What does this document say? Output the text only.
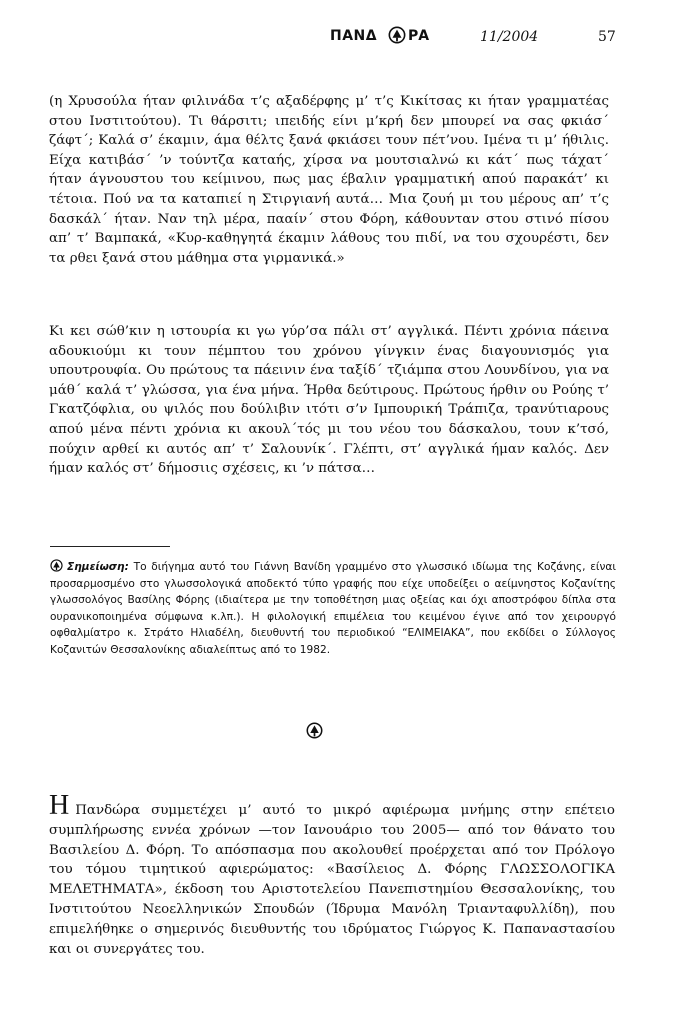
ΠΑΝΔ ΡΑ	11/2004	57
(η Χρυσούλα ήταν φιλινάδα τ’ς αξαδέρφης μ’ τ’ς Κικίτσας κι ήταν γραμματέας στου Ινστιτούτου). Τι θάρσιτι; ιπειδής είνι μ’κρή δεν μπουρεί να σας φκιάσ΄ ζάφτ΄; Καλά σ’ έκαμιν, άμα θέλτς ξανά φκιάσει τουν πέτ’νου. Ιμένα τι μ’ ήθιλις. Είχα κατιβάσ΄ ’ν τούντζα καταής, χίρσα να μουτσιαλνώ κι κάτ΄ πως τάχατ΄ ήταν άγνουστου του κείμινου, πως μας έβαλιν γραμματική απού παρακάτ’ κι τέτοια. Πού να τα καταπιεί η Στιργιανή αυτά… Μια ζουή μι του μέρους απ’ τ’ς δασκάλ΄ ήταν. Ναν τηλ μέρα, πααίν΄ στου Φόρη, κάθουνταν στου στινό πίσου απ’ τ’ Βαμπακά, «Κυρ-καθηγητά έκαμιν λάθους του πιδί, να του σχουρέστι, δεν τα ρθει ξανά στου μάθημα στα γιρμανικά.»
Κι κει σώθ’κιν η ιστουρία κι γω γύρ’σα πάλι στ’ αγγλικά. Πέντι χρόνια πάεινα αδουκιούμι κι τουν πέμπτου του χρόνου γίνγκιν ένας διαγουνισμός για υπουτρουφία. Ου πρώτους τα πάεινιν ένα ταξίδ΄ τζιάμπα στου Λουνδίνου, για να μάθ΄ καλά τ’ γλώσσα, για ένα μήνα. Ήρθα δεύτιρους. Πρώτους ήρθιν ου Ρούης τ’ Γκατζόφλια, ου ψιλός που δούλιβιν ιτότι σ’ν Ιμπουρική Τράπιζα, τρανύτιαρους απού μένα πέντι χρόνια κι ακουλ΄τός μι του νέου του δάσκαλου, τουν κ’τσό, πούχιν αρθεί κι αυτός απ’ τ’ Σαλουνίκ΄. Γλέπτι, στ’ αγγλικά ήμαν καλός. Δεν ήμαν καλός στ’ δήμοσιις σχέσεις, κι ’ν πάτσα…
Σημείωση: Το διήγημα αυτό του Γιάννη Βανίδη γραμμένο στο γλωσσικό ιδίωμα της Κοζάνης, είναι προσαρμοσμένο στο γλωσσολογικά αποδεκτό τύπο γραφής που είχε υποδείξει ο αείμνηστος Κοζανίτης γλωσσολόγος Βασίλης Φόρης (ιδιαίτερα με την τοποθέτηση μιας οξείας και όχι αποστρόφου δίπλα στα ουρανικοποιημένα σύμφωνα κ.λπ.). Η φιλολογική επιμέλεια του κειμένου έγινε από τον χειρουργό οφθαλμίατρο κ. Στράτο Ηλιαδέλη, διευθυντή του περιοδικού “ΕΛΙΜΕΙΑΚΑ”, που εκδίδει ο Σύλλογος Κοζανιτών Θεσσαλονίκης αδιαλείπτως από το 1982.
Η Πανδώρα συμμετέχει μ’ αυτό το μικρό αφιέρωμα μνήμης στην επέτειο συμπλήρωσης εννέα χρόνων —τον Ιανουάριο του 2005— από τον θάνατο του Βασιλείου Δ. Φόρη. Το απόσπασμα που ακολουθεί προέρχεται από τον Πρόλογο του τόμου τιμητικού αφιερώματος: «Βασίλειος Δ. Φόρης ΓΛΩΣΣΟΛΟΓΙΚΑ ΜΕΛΕΤΗΜΑΤΑ», έκδοση του Αριστοτελείου Πανεπιστημίου Θεσσαλονίκης, του Ινστιτούτου Νεοελληνικών Σπουδών (Ίδρυμα Μανόλη Τριανταφυλλίδη), που επιμελήθηκε ο σημερινός διευθυντής του ιδρύματος Γιώργος Κ. Παπαναστασίου και οι συνεργάτες του.
